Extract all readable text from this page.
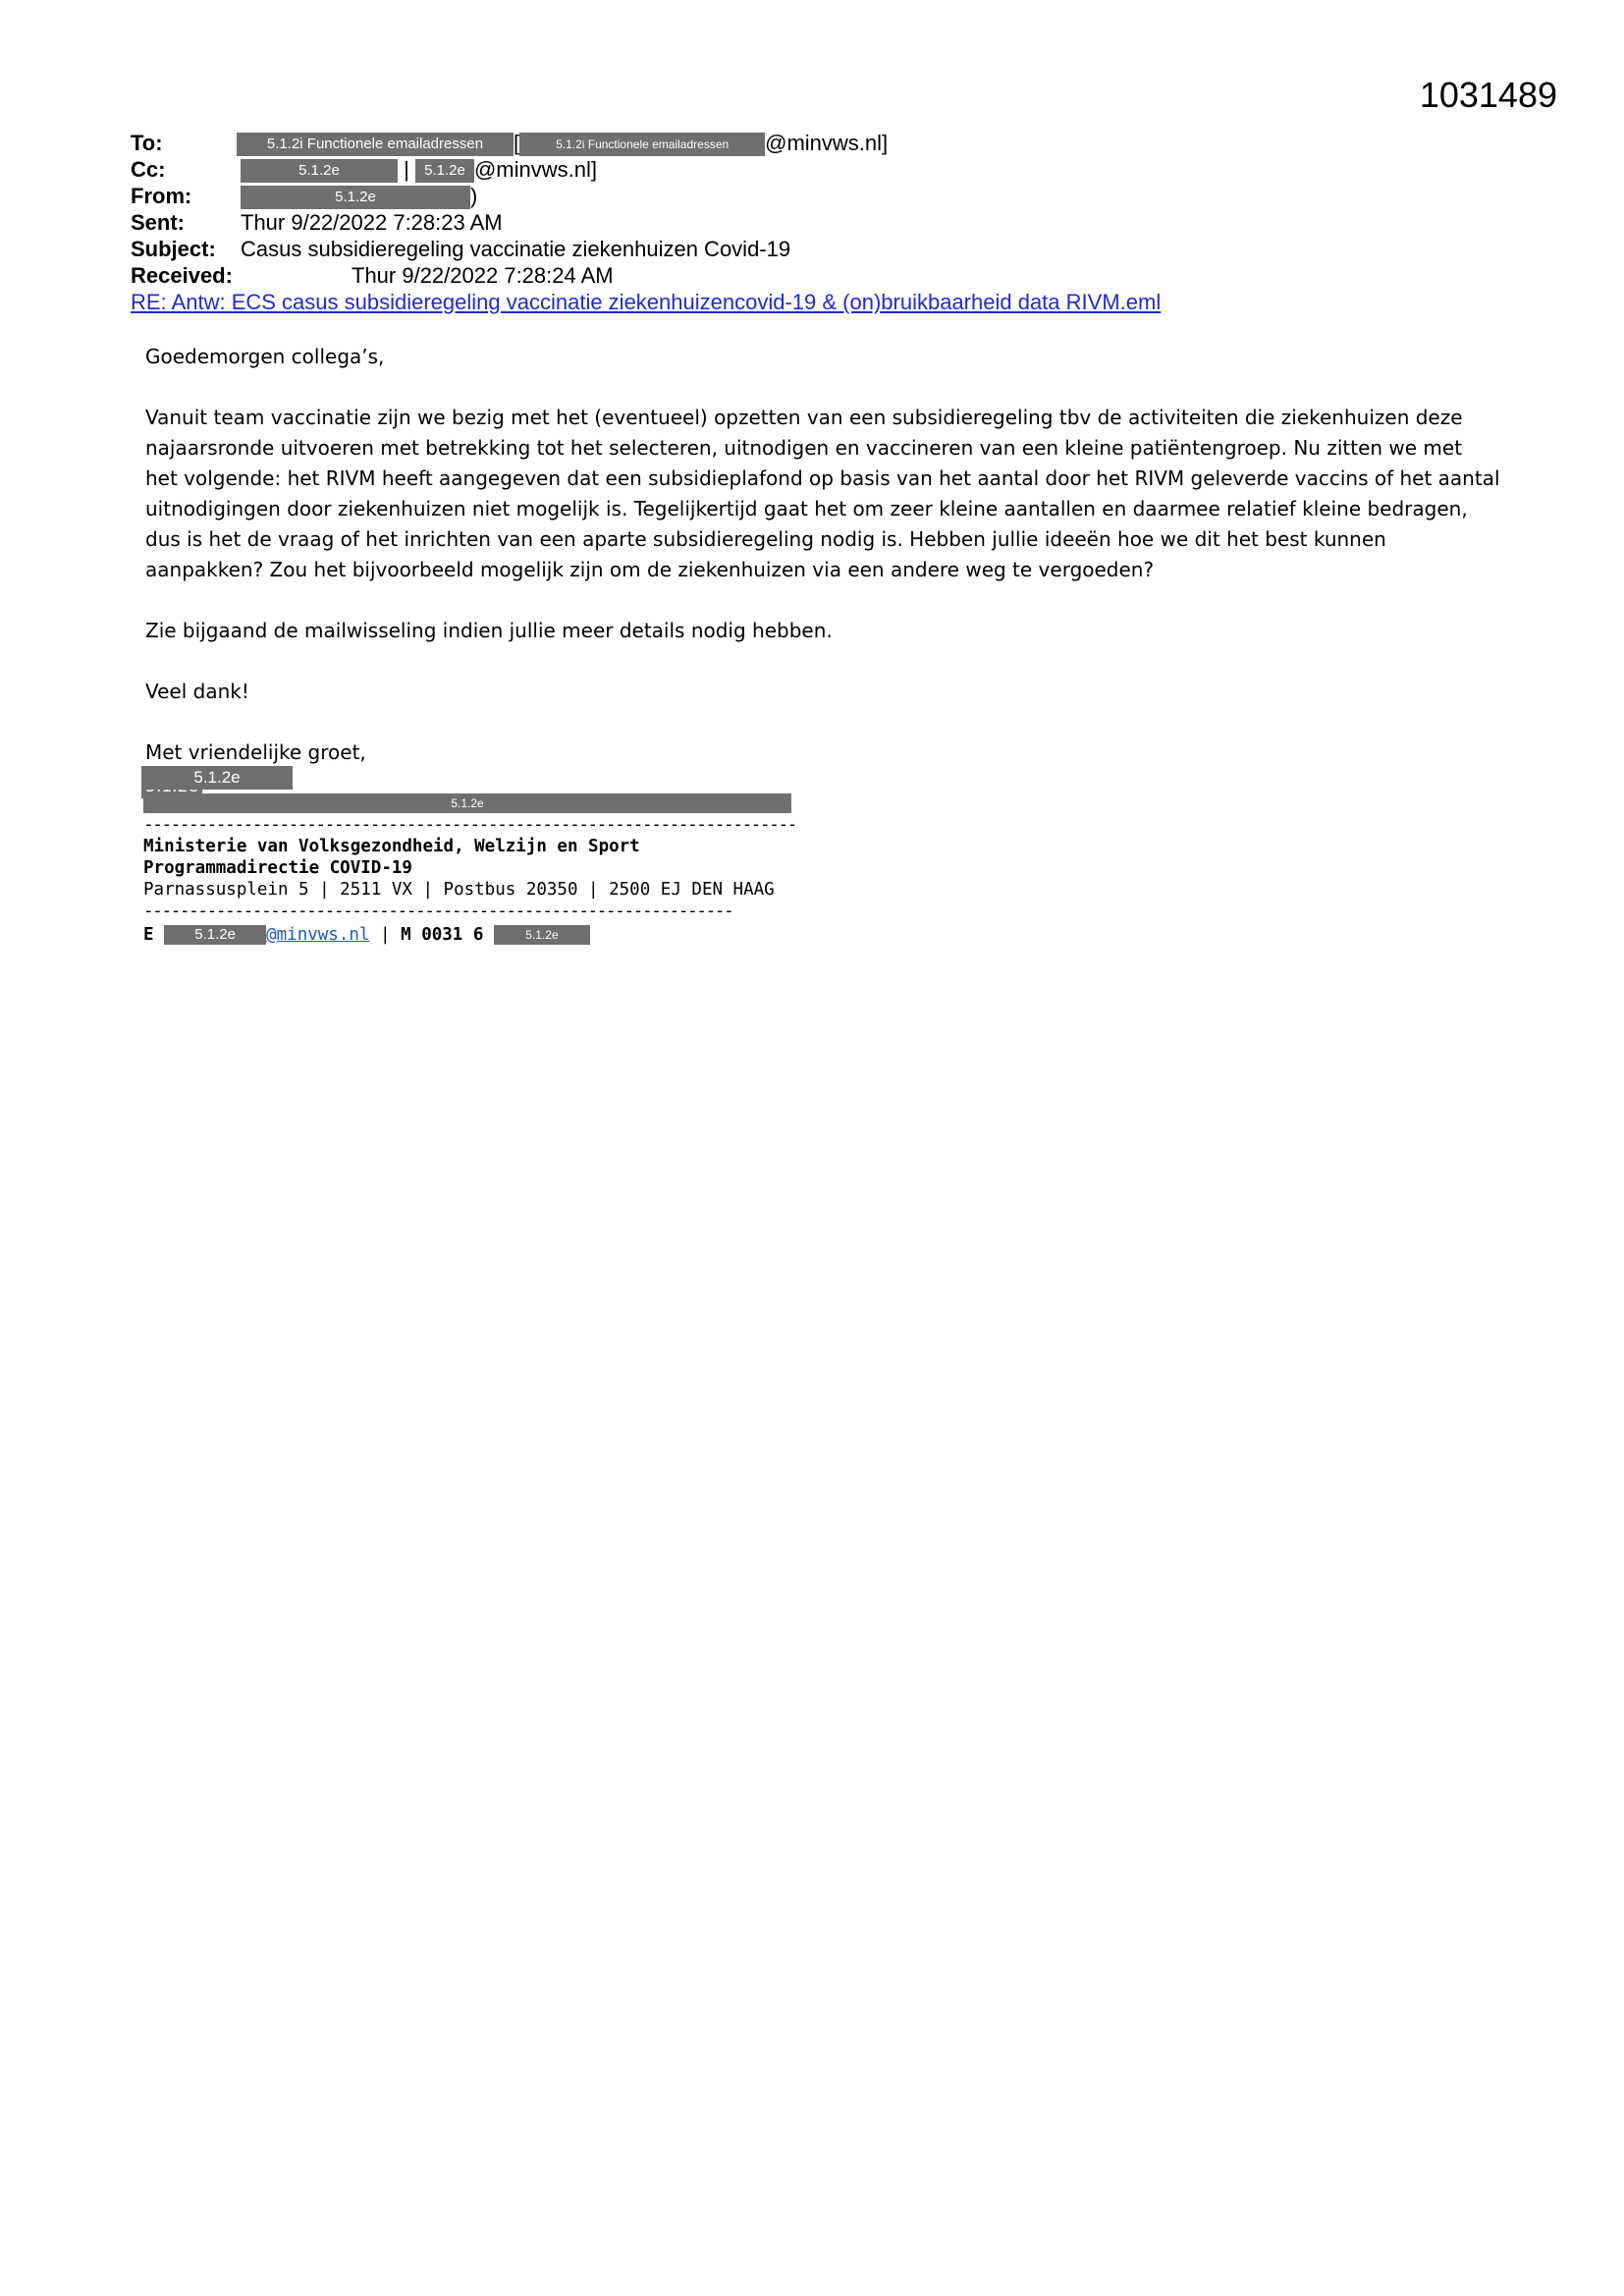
1031489
To:	5.1.2i Functionele emailadressen [	5.1.2i Functionele emailadressen @minvws.nl]
Cc:	5.1.2e	| 5.1.2e @minvws.nl]
From:	5.1.2e	)
Sent:	Thur 9/22/2022 7:28:23 AM
Subject: Casus subsidieregeling vaccinatie ziekenhuizen Covid-19
Received:	Thur 9/22/2022 7:28:24 AM
RE: Antw: ECS casus subsidieregeling vaccinatie ziekenhuizencovid-19 & (on)bruikbaarheid data RIVM.eml

Goedemorgen collega’s,

Vanuit team vaccinatie zijn we bezig met het (eventueel) opzetten van een subsidieregeling tbv de activiteiten die ziekenhuizen deze najaarsronde uitvoeren met betrekking tot het selecteren, uitnodigen en vaccineren van een kleine patiëntengroep. Nu zitten we met het volgende: het RIVM heeft aangegeven dat een subsidieplafond op basis van het aantal door het RIVM geleverde vaccins of het aantal uitnodigingen door ziekenhuizen niet mogelijk is. Tegelijkertijd gaat het om zeer kleine aantallen en daarmee relatief kleine bedragen, dus is het de vraag of het inrichten van een aparte subsidieregeling nodig is. Hebben jullie ideeën hoe we dit het best kunnen aanpakken? Zou het bijvoorbeeld mogelijk zijn om de ziekenhuizen via een andere weg te vergoeden?

Zie bijgaand de mailwisseling indien jullie meer details nodig hebben.

Veel dank!

Met vriendelijke groet,
5.1.2e
5.1.2e
------------------------------------------------------------------------
Ministerie van Volksgezondheid, Welzijn en Sport
Programmadirectie COVID-19
Parnassusplein 5 | 2511 VX | Postbus 20350 | 2500 EJ DEN HAAG
-----------------------------------------------------------------
E	5.1.2e @minvws.nl | M 0031 6	5.1.2e
